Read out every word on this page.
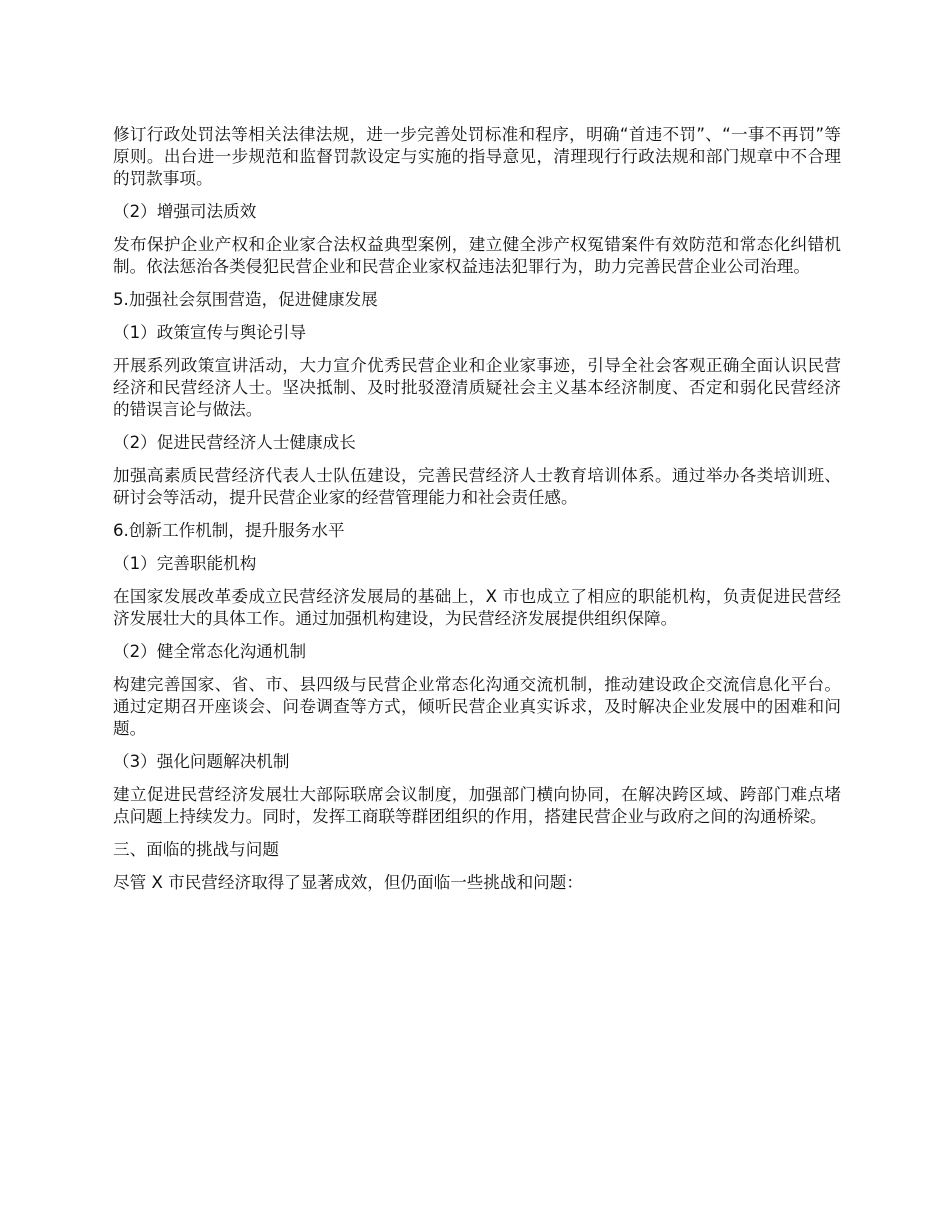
修订行政处罚法等相关法律法规，进一步完善处罚标准和程序，明确“首违不罚”、“一事不再罚”等原则。出台进一步规范和监督罚款设定与实施的指导意见，清理现行行政法规和部门规章中不合理的罚款事项。

（2）增强司法质效

发布保护企业产权和企业家合法权益典型案例，建立健全涉产权冤错案件有效防范和常态化纠错机制。依法惩治各类侵犯民营企业和民营企业家权益违法犯罪行为，助力完善民营企业公司治理。

5.加强社会氛围营造，促进健康发展

（1）政策宣传与舆论引导

开展系列政策宣讲活动，大力宣介优秀民营企业和企业家事迹，引导全社会客观正确全面认识民营经济和民营经济人士。坚决抵制、及时批驳澄清质疑社会主义基本经济制度、否定和弱化民营经济的错误言论与做法。

（2）促进民营经济人士健康成长

加强高素质民营经济代表人士队伍建设，完善民营经济人士教育培训体系。通过举办各类培训班、研讨会等活动，提升民营企业家的经营管理能力和社会责任感。

6.创新工作机制，提升服务水平

（1）完善职能机构

在国家发展改革委成立民营经济发展局的基础上，X 市也成立了相应的职能机构，负责促进民营经济发展壮大的具体工作。通过加强机构建设，为民营经济发展提供组织保障。

（2）健全常态化沟通机制

构建完善国家、省、市、县四级与民营企业常态化沟通交流机制，推动建设政企交流信息化平台。通过定期召开座谈会、问卷调查等方式，倾听民营企业真实诉求，及时解决企业发展中的困难和问题。

（3）强化问题解决机制

建立促进民营经济发展壮大部际联席会议制度，加强部门横向协同，在解决跨区域、跨部门难点堵点问题上持续发力。同时，发挥工商联等群团组织的作用，搭建民营企业与政府之间的沟通桥梁。

三、面临的挑战与问题

尽管 X 市民营经济取得了显著成效，但仍面临一些挑战和问题：
